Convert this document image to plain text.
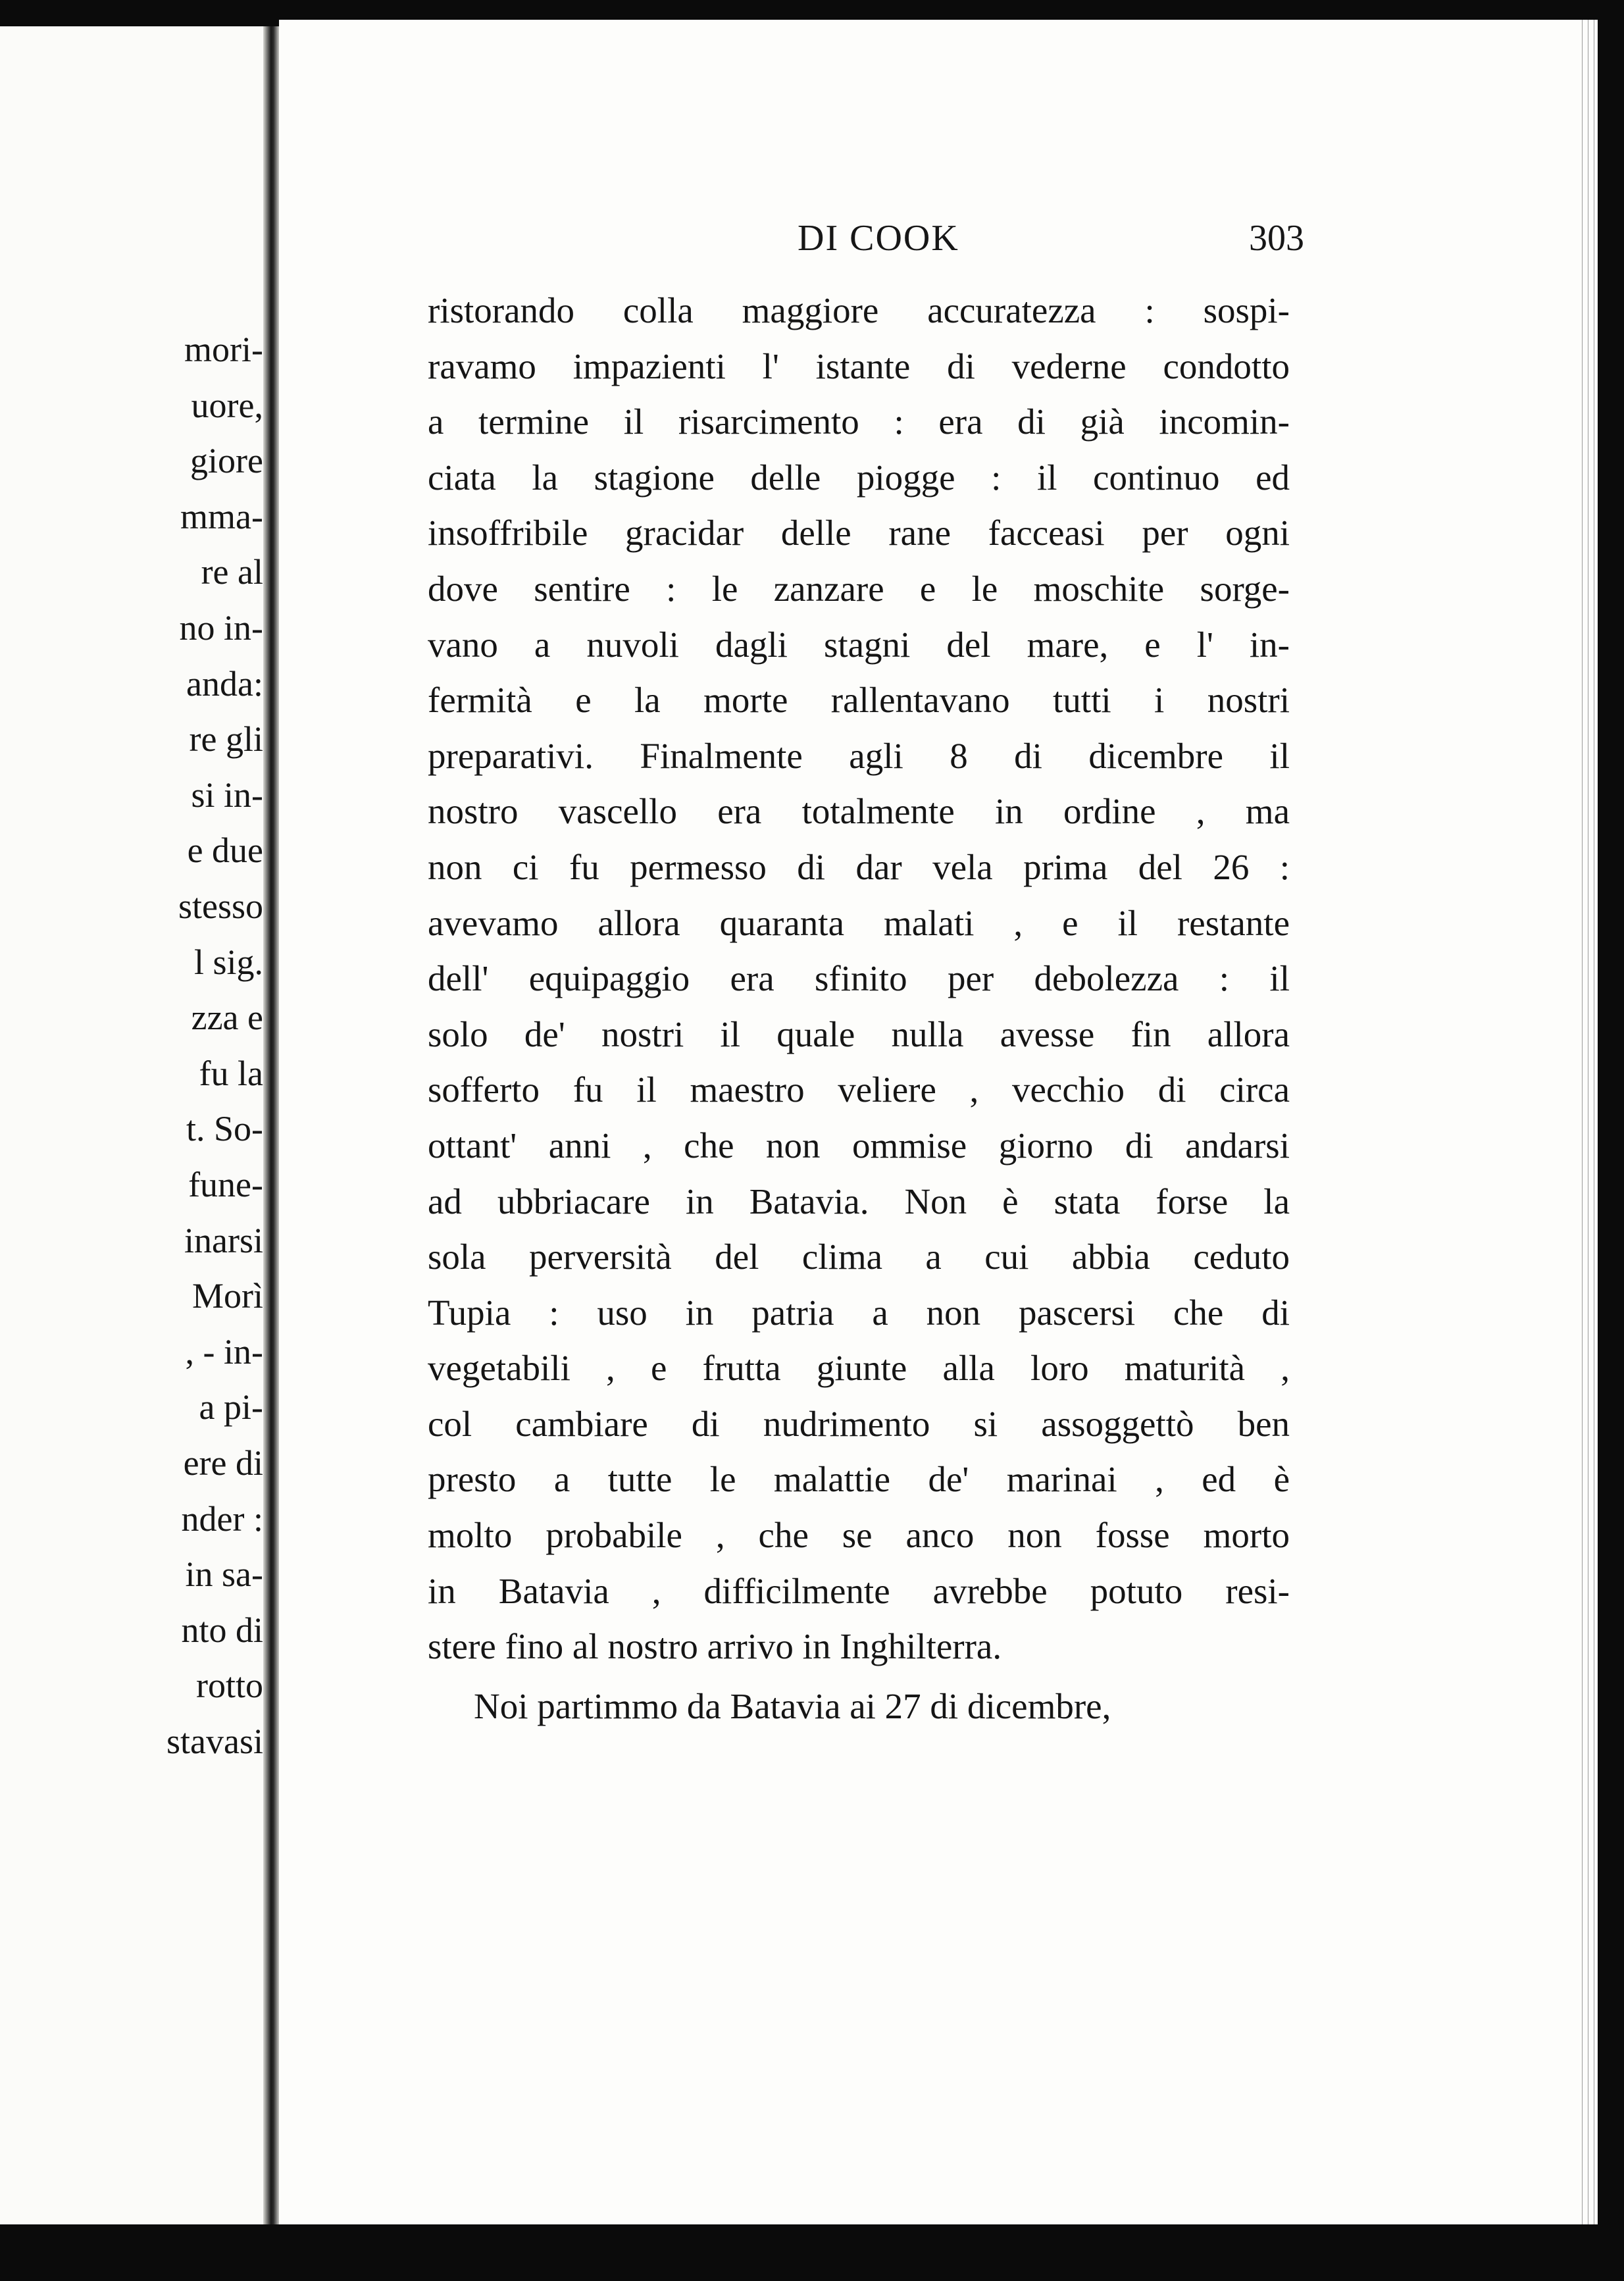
mori-
uore,
giore
mma-
re al
no in-
anda:
re gli
si in-
e due
stesso
l sig.
zza e
fu la
t. So-
fune-
inarsi
Morì
, - in-
a pi-
ere di
nder :
in sa-
nto di
rotto
stavasi
DI COOK	303
ristorando colla maggiore accuratezza : sospi-
ravamo impazienti l' istante di vederne condotto
a termine il risarcimento : era di già incomin-
ciata la stagione delle piogge : il continuo ed
insoffribile gracidar delle rane facceasi per ogni
dove sentire : le zanzare e le moschite sorge-
vano a nuvoli dagli stagni del mare, e l' in-
fermità e la morte rallentavano tutti i nostri
preparativi. Finalmente agli 8 di dicembre il
nostro vascello era totalmente in ordine , ma
non ci fu permesso di dar vela prima del 26 :
avevamo allora quaranta malati , e il restante
dell' equipaggio era sfinito per debolezza : il
solo de' nostri il quale nulla avesse fin allora
sofferto fu il maestro veliere , vecchio di circa
ottant' anni , che non ommise giorno di andarsi
ad ubbriacare in Batavia. Non è stata forse la
sola perversità del clima a cui abbia ceduto
Tupia : uso in patria a non pascersi che di
vegetabili , e frutta giunte alla loro maturità ,
col cambiare di nudrimento si assoggettò ben
presto a tutte le malattie de' marinai , ed è
molto probabile , che se anco non fosse morto
in Batavia , difficilmente avrebbe potuto resi-
stere fino al nostro arrivo in Inghilterra.
Noi partimmo da Batavia ai 27 di dicembre,
